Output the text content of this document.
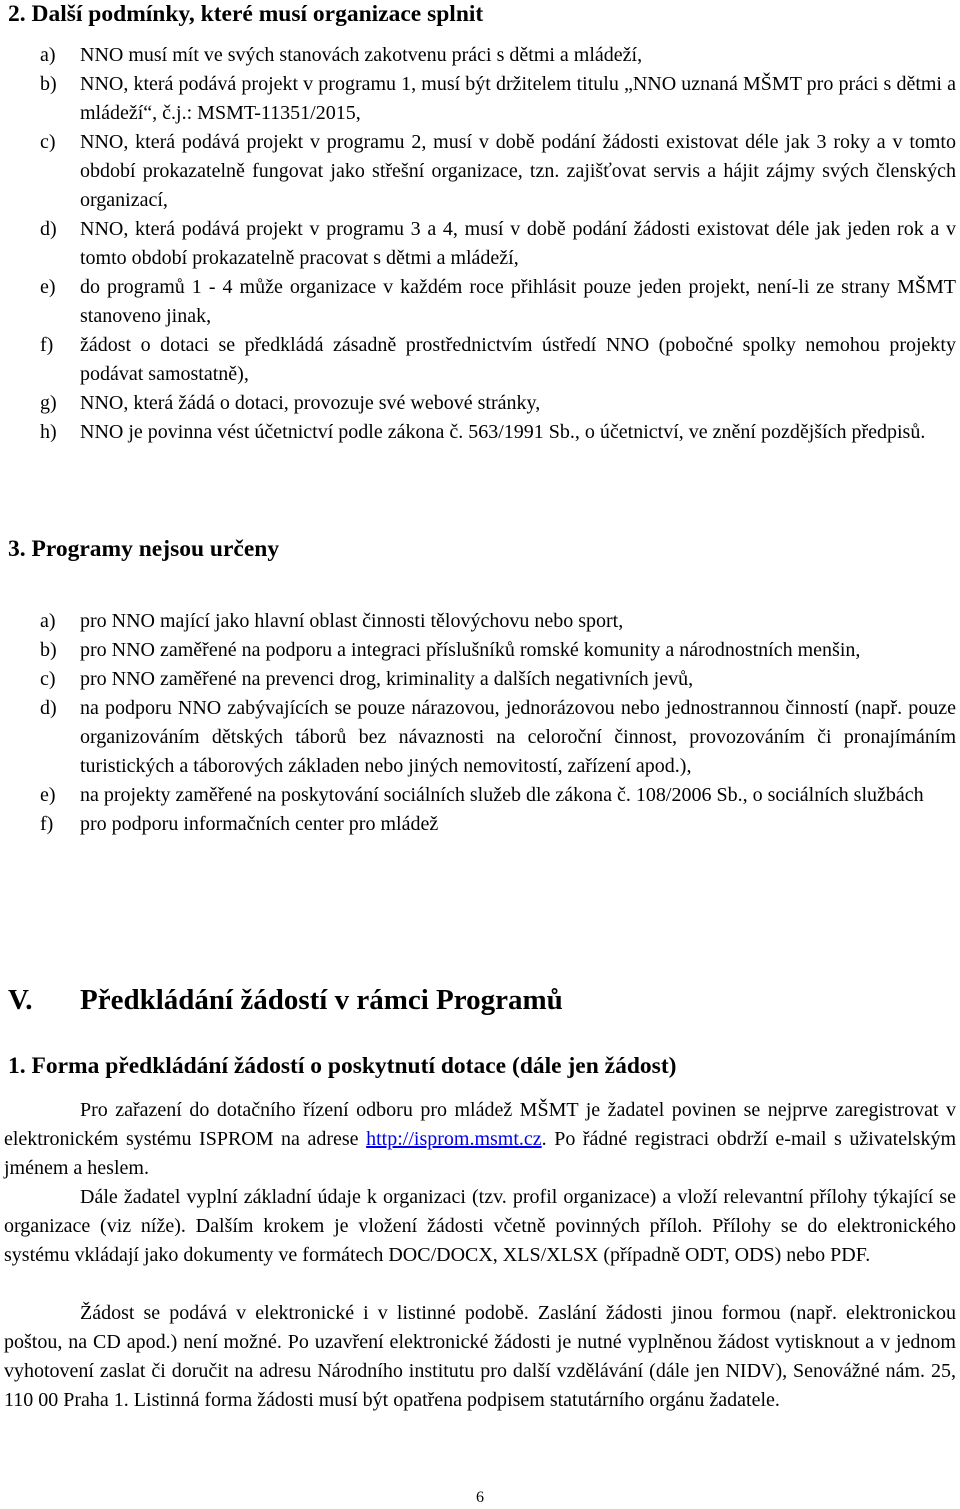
2. Další podmínky, které musí organizace splnit
a) NNO musí mít ve svých stanovách zakotvenu práci s dětmi a mládeží,
b) NNO, která podává projekt v programu 1, musí být držitelem titulu „NNO uznaná MŠMT pro práci s dětmi a mládeží“, č.j.: MSMT-11351/2015,
c) NNO, která podává projekt v programu 2, musí v době podání žádosti existovat déle jak 3 roky a v tomto období prokazatelně fungovat jako střešní organizace, tzn. zajišťovat servis a hájit zájmy svých členských organizací,
d) NNO, která podává projekt v programu 3 a 4, musí v době podání žádosti existovat déle jak jeden rok a v tomto období prokazatelně pracovat s dětmi a mládeží,
e) do programů 1 - 4 může organizace v každém roce přihlásit pouze jeden projekt, není-li ze strany MŠMT stanoveno jinak,
f) žádost o dotaci se předkládá zásadně prostřednictvím ústředí NNO (pobočné spolky nemohou projekty podávat samostatně),
g) NNO, která žádá o dotaci, provozuje své webové stránky,
h) NNO je povinna vést účetnictví podle zákona č. 563/1991 Sb., o účetnictví, ve znění pozdějších předpisů.
3. Programy nejsou určeny
a) pro NNO mající jako hlavní oblast činnosti tělovýchovu nebo sport,
b) pro NNO zaměřené na podporu a integraci příslušníků romské komunity a národnostních menšin,
c) pro NNO zaměřené na prevenci drog, kriminality a dalších negativních jevů,
d) na podporu NNO zabývajících se pouze nárazovou, jednorázovou nebo jednostrannou činností (např. pouze organizováním dětských táborů bez návaznosti na celoroční činnost, provozováním či pronajímáním turistických a táborových základen nebo jiných nemovitostí, zařízení apod.),
e) na projekty zaměřené na poskytování sociálních služeb dle zákona č. 108/2006 Sb., o sociálních službách
f) pro podporu informačních center pro mládež
V. Předkládání žádostí v rámci Programů
1. Forma předkládání žádostí o poskytnutí dotace (dále jen žádost)

Pro zařazení do dotačního řízení odboru pro mládež MŠMT je žadatel povinen se nejprve zaregistrovat v elektronickém systému ISPROM na adrese http://isprom.msmt.cz. Po řádné registraci obdrží e-mail s uživatelským jménem a heslem.

Dále žadatel vyplní základní údaje k organizaci (tzv. profil organizace) a vloží relevantní přílohy týkající se organizace (viz níže). Dalším krokem je vložení žádosti včetně povinných příloh. Přílohy se do elektronického systému vkládají jako dokumenty ve formátech DOC/DOCX, XLS/XLSX (případně ODT, ODS) nebo PDF.

Žádost se podává v elektronické i v listinné podobě. Zaslání žádosti jinou formou (např. elektronickou poštou, na CD apod.) není možné. Po uzavření elektronické žádosti je nutné vyplněnou žádost vytisknout a v jednom vyhotovení zaslat či doručit na adresu Národního institutu pro další vzdělávání (dále jen NIDV), Senovážné nám. 25, 110 00 Praha 1. Listinná forma žádosti musí být opatřena podpisem statutárního orgánu žadatele.

6
